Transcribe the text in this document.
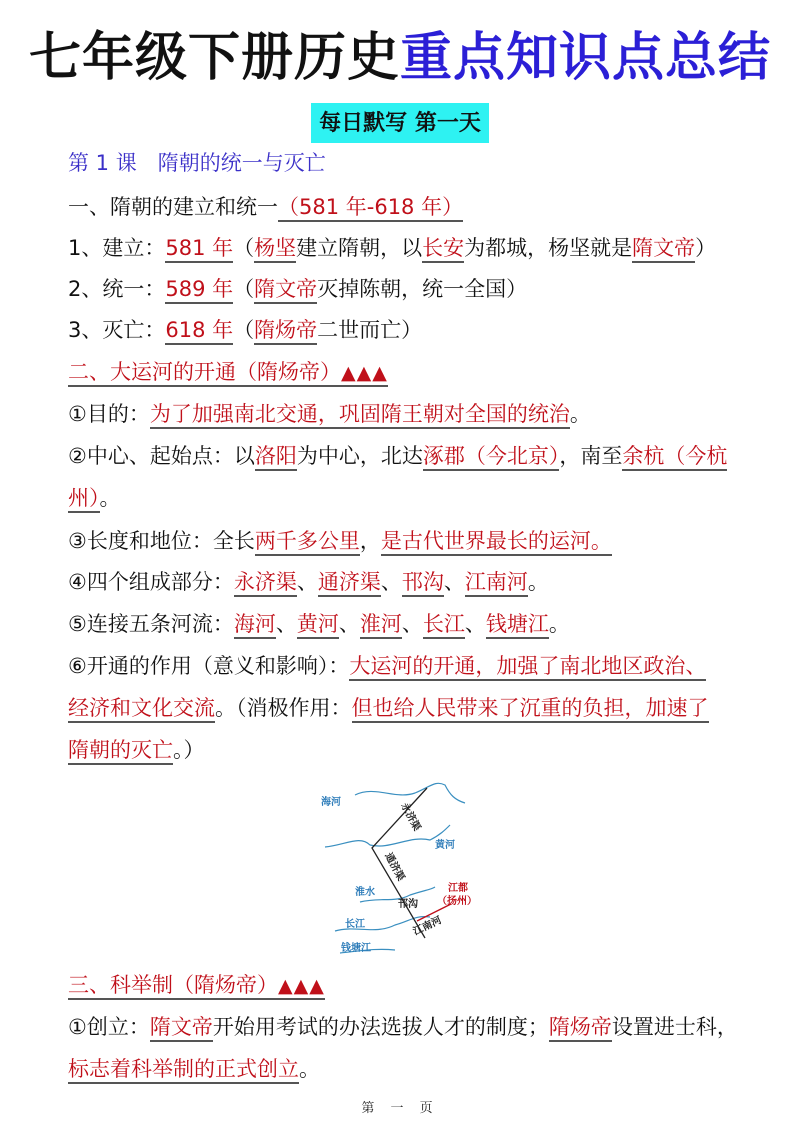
七年级下册历史重点知识点总结
每日默写 第一天
第 1 课　隋朝的统一与灭亡
一、隋朝的建立和统一（581 年-618 年）
1、建立：581 年（杨坚建立隋朝，以长安为都城，杨坚就是隋文帝）
2、统一：589 年（隋文帝灭掉陈朝，统一全国）
3、灭亡：618 年（隋炀帝二世而亡）
二、大运河的开通（隋炀帝）▲▲▲
①目的：为了加强南北交通，巩固隋王朝对全国的统治。
②中心、起始点：以洛阳为中心，北达涿郡（今北京），南至余杭（今杭
州）。
③长度和地位：全长两千多公里，是古代世界最长的运河。
④四个组成部分：永济渠、通济渠、邗沟、江南河。
⑤连接五条河流：海河、黄河、淮河、长江、钱塘江。
⑥开通的作用（意义和影响）：大运河的开通，加强了南北地区政治、
经济和文化交流。（消极作用：但也给人民带来了沉重的负担，加速了
隋朝的灭亡。）
海河
黄河
淮水
长江
钱塘江
江都
（扬州）
邗沟
永济渠
通济渠
江南河
三、科举制（隋炀帝）▲▲▲
①创立：隋文帝开始用考试的办法选拔人才的制度；隋炀帝设置进士科，
标志着科举制的正式创立。
第 一 页
